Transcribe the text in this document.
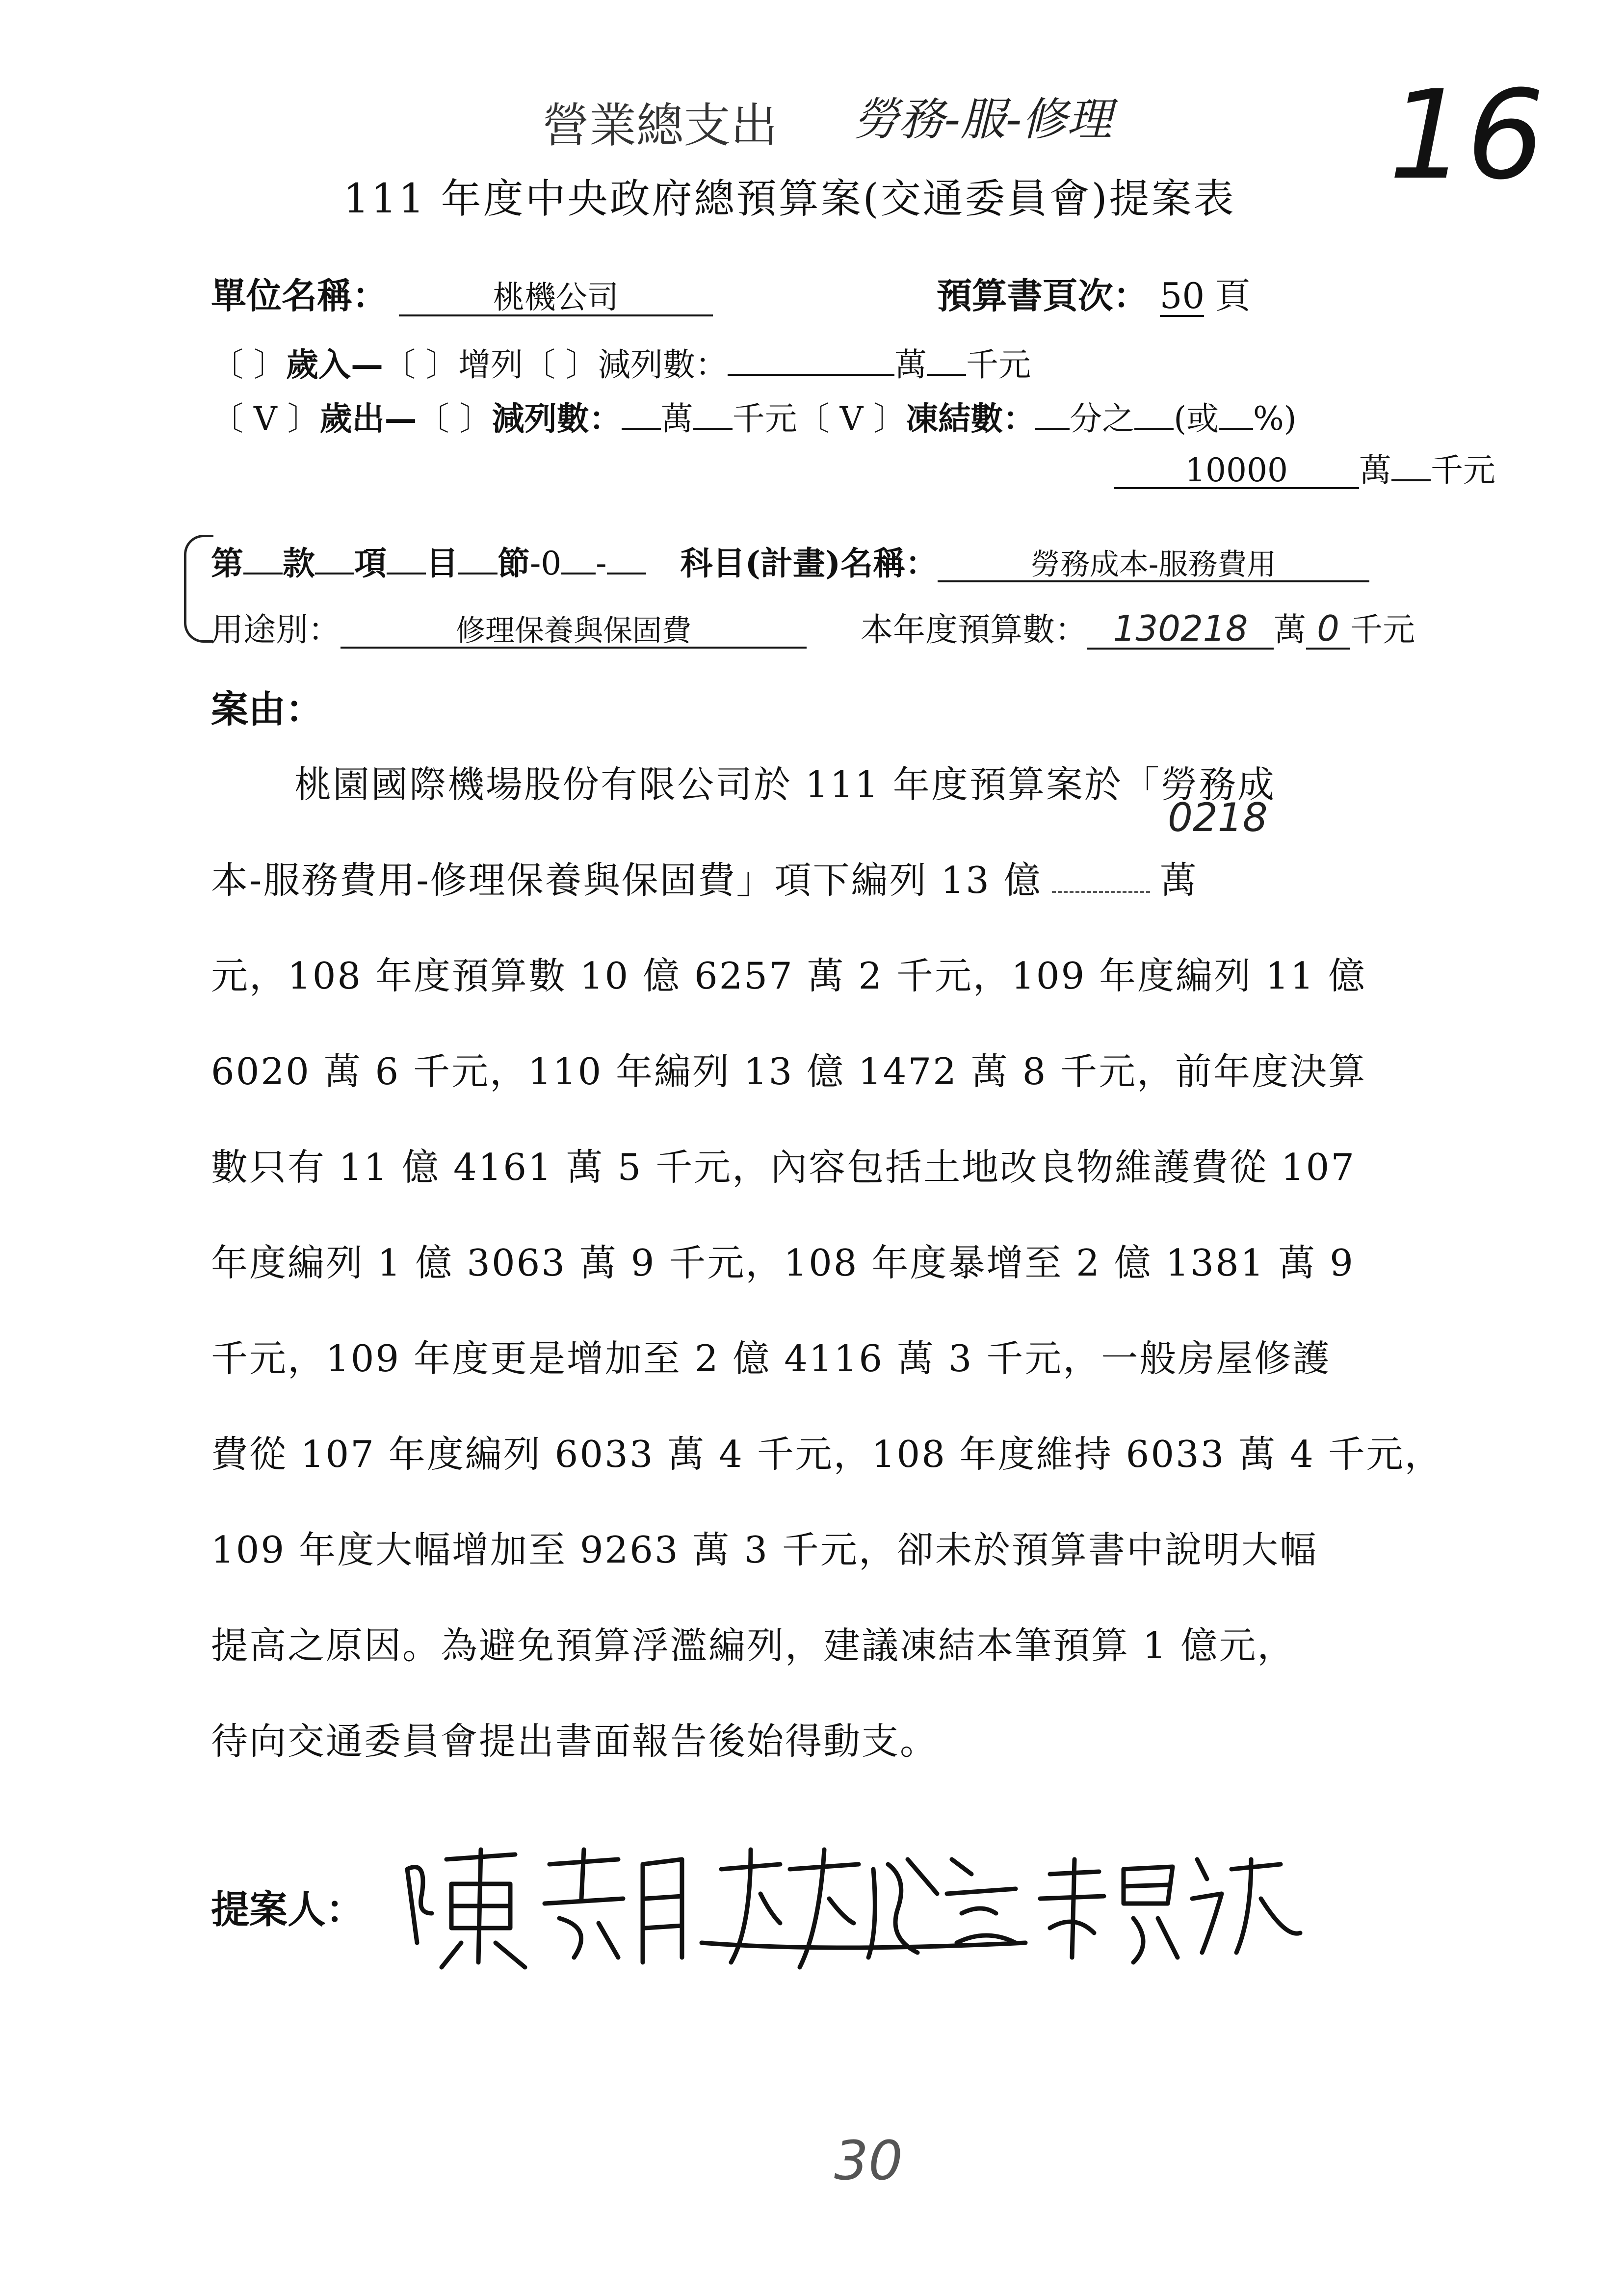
營業總支出 勞務-服-修理 16
111 年度中央政府總預算案(交通委員會)提案表
單位名稱：	桃機公司	預算書頁次： 50 頁
〔 〕歲入—〔 〕增列〔 〕減列數：	萬 千元
〔 V 〕歲出—〔 〕減列數： 萬 千元〔 V 〕凍結數： 分之 (或 %)
10000 萬 千元
第 款 項 目 節-0 - 科目(計畫)名稱：	勞務成本-服務費用
用途別：	修理保養與保固費	本年度預算數： 130218 萬 0 千元
案由：
桃園國際機場股份有限公司於 111 年度預算案於「勞務成
0218
本-服務費用-修理保養與保固費」項下編列 13 億	萬
元，108 年度預算數 10 億 6257 萬 2 千元，109 年度編列 11 億
6020 萬 6 千元，110 年編列 13 億 1472 萬 8 千元，前年度決算
數只有 11 億 4161 萬 5 千元，內容包括土地改良物維護費從 107
年度編列 1 億 3063 萬 9 千元，108 年度暴增至 2 億 1381 萬 9
千元，109 年度更是增加至 2 億 4116 萬 3 千元，一般房屋修護
費從 107 年度編列 6033 萬 4 千元，108 年度維持 6033 萬 4 千元，
109 年度大幅增加至 9263 萬 3 千元，卻未於預算書中說明大幅
提高之原因。為避免預算浮濫編列，建議凍結本筆預算 1 億元，
待向交通委員會提出書面報告後始得動支。
提案人：
30
